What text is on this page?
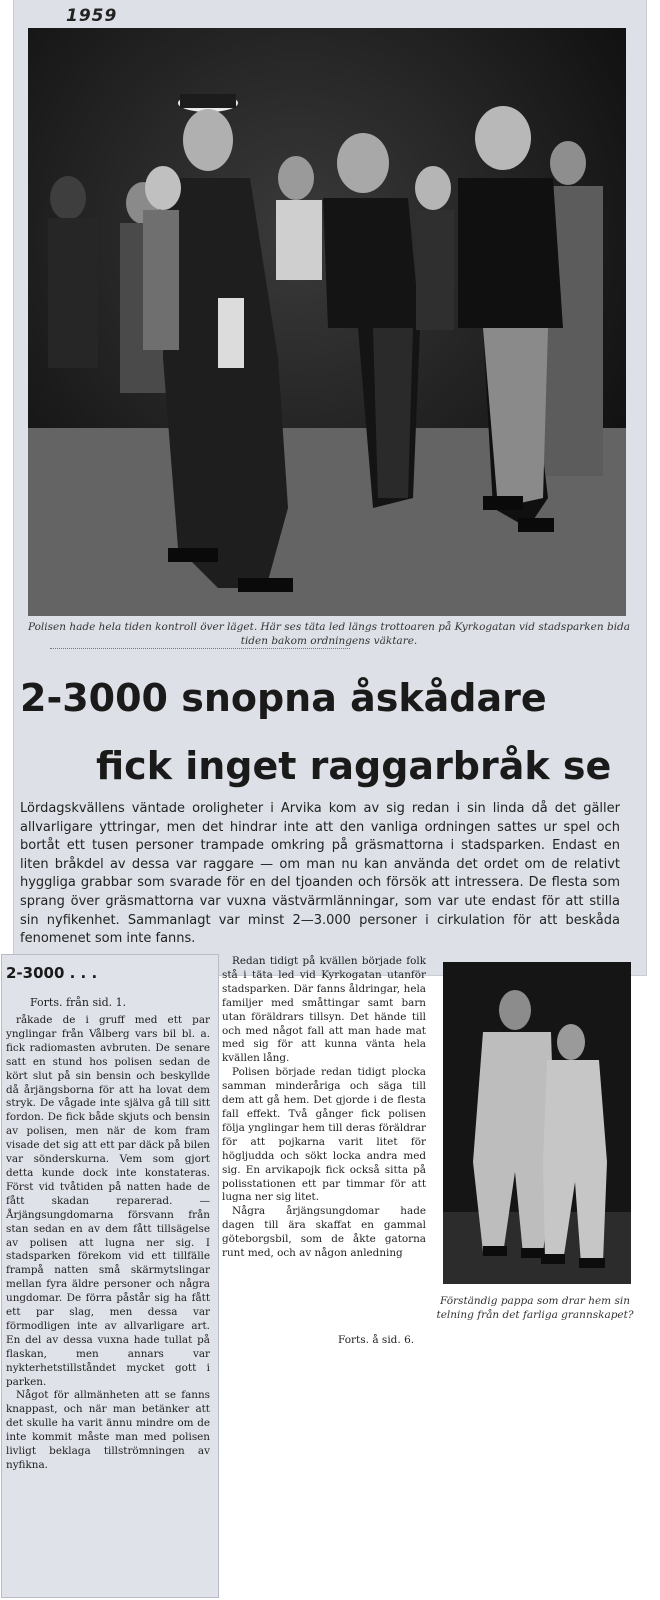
1959
Polisen hade hela tiden kontroll över läget. Här ses täta led längs trottoaren på Kyrkogatan vid stadsparken bida tiden bakom ordningens väktare.
2-3000 snopna åskådare
fick inget raggarbråk se
Lördagskvällens väntade oroligheter i Arvika kom av sig redan i sin linda då det gäller allvarligare yttringar, men det hindrar inte att den vanliga ordningen sattes ur spel och bortåt ett tusen personer trampade omkring på gräsmattorna i stadsparken. Endast en liten bråkdel av dessa var raggare — om man nu kan använda det ordet om de relativt hyggliga grabbar som svarade för en del tjoanden och försök att intressera. De flesta som sprang över gräsmattorna var vuxna västvärmlänningar, som var ute endast för att stilla sin nyfikenhet. Sammanlagt var minst 2—3.000 personer i cirkulation för att beskåda fenomenet som inte fanns.
2-3000 . . .
Forts. från sid. 1.

råkade de i gruff med ett par ynglingar från Vålberg vars bil bl. a. fick radiomasten avbruten. De senare satt en stund hos polisen sedan de kört slut på sin bensin och beskyllde då årjängsborna för att ha lovat dem stryk. De vågade inte själva gå till sitt fordon. De fick både skjuts och bensin av polisen, men när de kom fram visade det sig att ett par däck på bilen var sönderskurna. Vem som gjort detta kunde dock inte konstateras. Först vid tvåtiden på natten hade de fått skadan reparerad. — Årjängsungdomarna försvann från stan sedan en av dem fått tillsägelse av polisen att lugna ner sig. I stadsparken förekom vid ett tillfälle frampå natten små skärmytslingar mellan fyra äldre personer och några ungdomar. De förra påstår sig ha fått ett par slag, men dessa var förmodligen inte av allvarligare art. En del av dessa vuxna hade tullat på flaskan, men annars var nykterhetstillståndet mycket gott i parken.

Något för allmänheten att se fanns knappast, och när man betänker att det skulle ha varit ännu mindre om de inte kommit måste man med polisen livligt beklaga tillströmningen av nyfikna.

Redan tidigt på kvällen började folk stå i täta led vid Kyrkogatan utanför stadsparken. Där fanns åldringar, hela familjer med småttingar samt barn utan föräldrars tillsyn. Det hände till och med något fall att man hade mat med sig för att kunna vänta hela kvällen lång.

Polisen började redan tidigt plocka samman minderåriga och säga till dem att gå hem. Det gjorde i de flesta fall effekt. Två gånger fick polisen följa ynglingar hem till deras föräldrar för att pojkarna varit litet för högljudda och sökt locka andra med sig. En arvikapojk fick också sitta på polisstationen ett par timmar för att lugna ner sig litet.

Några årjängsungdomar hade dagen till ära skaffat en gammal göteborgsbil, som de åkte gatorna runt med, och av någon anledning

Forts. å sid. 6.
Förständig pappa som drar hem sin telning från det farliga grannskapet?
